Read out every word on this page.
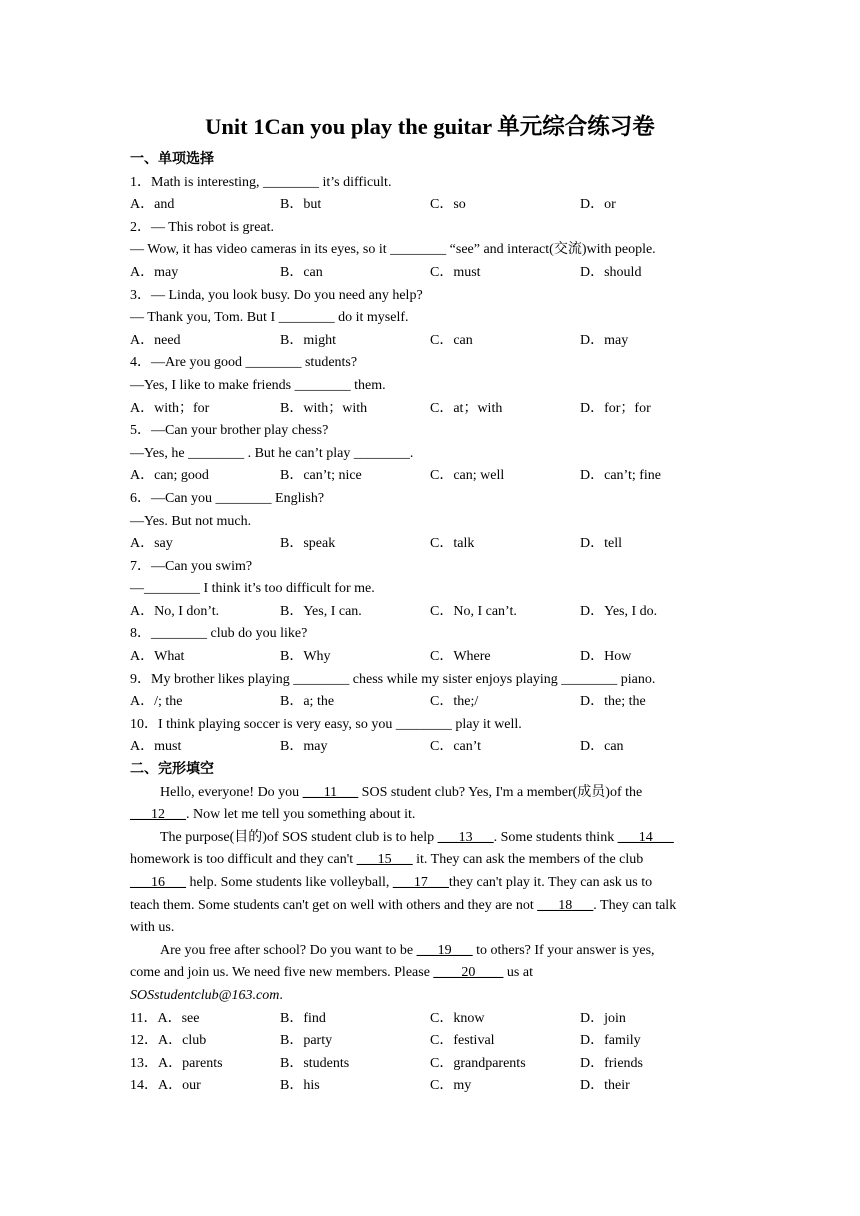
Unit 1Can you play the guitar 单元综合练习卷
一、单项选择
1．Math is interesting, ________ it’s difficult.
A．and	B．but	C．so	D．or
2．— This robot is great.
— Wow, it has video cameras in its eyes, so it ________ “see” and interact(交流)with people.
A．may	B．can	C．must	D．should
3．— Linda, you look busy. Do you need any help?
— Thank you, Tom. But I ________ do it myself.
A．need	B．might	C．can	D．may
4．—Are you good ________ students?
—Yes, I like to make friends ________ them.
A．with；for	B．with；with	C．at；with	D．for；for
5．—Can your brother play chess?
—Yes, he ________ . But he can’t play ________.
A．can; good	B．can’t; nice	C．can; well	D．can’t; fine
6．—Can you ________ English?
—Yes. But not much.
A．say	B．speak	C．talk	D．tell
7．—Can you swim?
—________ I think it’s too difficult for me.
A．No, I don’t.	B．Yes, I can.	C．No, I can’t.	D．Yes, I do.
8．________ club do you like?
A．What	B．Why	C．Where	D．How
9．My brother likes playing ________ chess while my sister enjoys playing ________ piano.
A．/; the	B．a; the	C．the;/	D．the; the
10．I think playing soccer is very easy, so you ________ play it well.
A．must	B．may	C．can’t	D．can
二、完形填空
Hello, everyone! Do you ___11___ SOS student club? Yes, I'm a member(成员)of the
___12___. Now let me tell you something about it.
The purpose(目的)of SOS student club is to help ___13___. Some students think ___14___
homework is too difficult and they can't ___15___ it. They can ask the members of the club
___16___ help. Some students like volleyball, ___17___they can't play it. They can ask us to
teach them. Some students can't get on well with others and they are not ___18___. They can talk
with us.
Are you free after school? Do you want to be ___19___ to others? If your answer is yes,
come and join us. We need five new members. Please ____20____ us at
SOSstudentclub@163.com.
11．A．see	B．find	C．know	D．join
12．A．club	B．party	C．festival	D．family
13．A．parents	B．students	C．grandparents	D．friends
14．A．our	B．his	C．my	D．their
